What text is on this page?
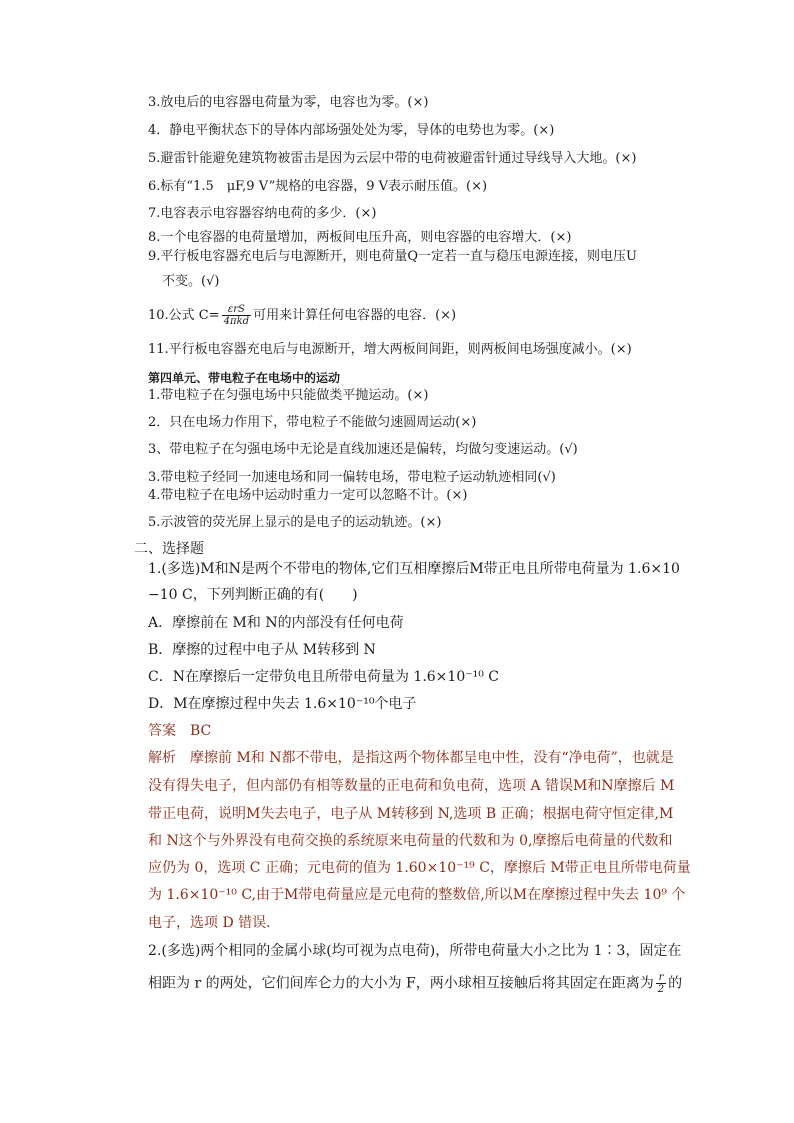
3.放电后的电容器电荷量为零，电容也为零。(×)
4．静电平衡状态下的导体内部场强处处为零，导体的电势也为零。(×)
5.避雷针能避免建筑物被雷击是因为云层中带的电荷被避雷针通过导线导入大地。(×)
6.标有“1.5　μF,9 V”规格的电容器，9 V表示耐压值。(×)
7.电容表示电容器容纳电荷的多少．(×)
8.一个电容器的电荷量增加，两板间电压升高，则电容器的电容增大．(×)
9.平行板电容器充电后与电源断开，则电荷量Q一定若一直与稳压电源连接，则电压U
不变。(√)
10.公式 $C= \frac{\text{εrS}}{\text{4πkd}}$ 可用来计算任何电容器的电容．(×)
11.平行板电容器充电后与电源断开，增大两板间间距，则两板间电场强度减小。(×)
第四单元、带电粒子在电场中的运动
1.带电粒子在匀强电场中只能做类平抛运动。(×)
2．只在电场力作用下，带电粒子不能做匀速圆周运动(×)
3、带电粒子在匀强电场中无论是直线加速还是偏转，均做匀变速运动。(√)
3.带电粒子经同一加速电场和同一偏转电场，带电粒子运动轨迹相同(√)
4.带电粒子在电场中运动时重力一定可以忽略不计。(×)
5.示波管的荧光屏上显示的是电子的运动轨迹。(×)
二、选择题
1.(多选)M和N是两个不带电的物体,它们互相摩擦后M带正电且所带电荷量为 1.6×10
−10 C，下列判断正确的有(　　)
A．摩擦前在 M和 N的内部没有任何电荷
B．摩擦的过程中电子从 M转移到 N
C．N在摩擦后一定带负电且所带电荷量为 1.6×10⁻¹⁰ C
D．M在摩擦过程中失去 1.6×10⁻¹⁰个电子
答案　BC
解析　摩擦前 M和 N都不带电，是指这两个物体都呈电中性，没有“净电荷”，也就是
没有得失电子，但内部仍有相等数量的正电荷和负电荷，选项 A 错误M和N摩擦后 M
带正电荷，说明M失去电子，电子从 M转移到 N,选项 B 正确；根据电荷守恒定律,M
和 N这个与外界没有电荷交换的系统原来电荷量的代数和为 0,摩擦后电荷量的代数和
应仍为 0，选项 C 正确；元电荷的值为 1.60×10⁻¹⁹ C，摩擦后 M带正电且所带电荷量
为 1.6×10⁻¹⁰ C,由于M带电荷量应是元电荷的整数倍,所以M在摩擦过程中失去 10⁹ 个
电子，选项 D 错误．
2.(多选)两个相同的金属小球(均可视为点电荷)，所带电荷量大小之比为 1∶3，固定在
相距为 r 的两处，它们间库仑力的大小为 F，两小球相互接触后将其固定在距离为 $\frac{r}{2}$ 的
